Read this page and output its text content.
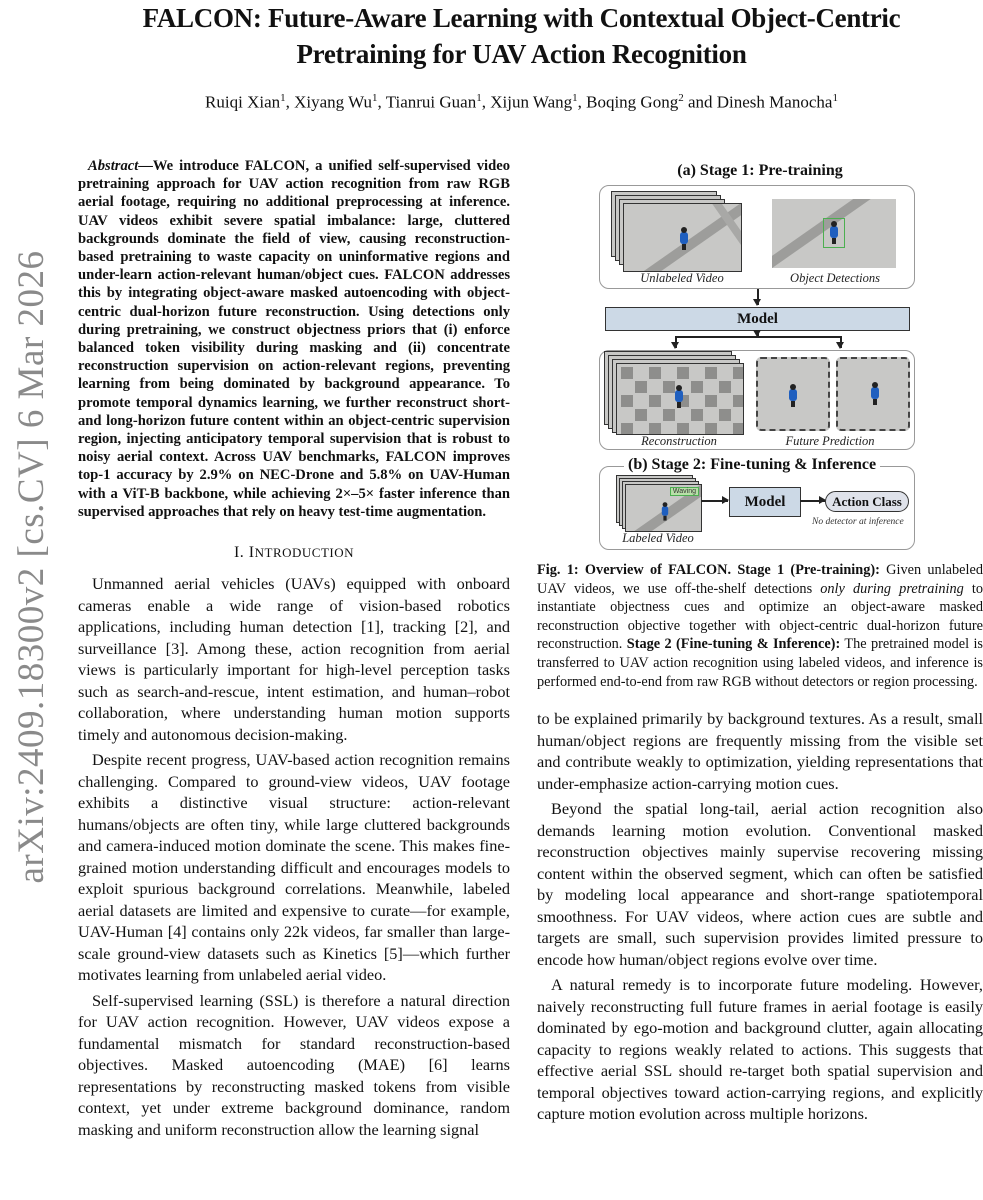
FALCON: Future-Aware Learning with Contextual Object-Centric
Pretraining for UAV Action Recognition
Ruiqi Xian$^1$, Xiyang Wu$^1$, Tianrui Guan$^1$, Xijun Wang$^1$, Boqing Gong$^2$ and Dinesh Manocha$^1$
arXiv:2409.18300v2 [cs.CV] 6 Mar 2026

Abstract—We introduce FALCON, a unified self-supervised video pretraining approach for UAV action recognition from raw RGB aerial footage, requiring no additional preprocessing at inference. UAV videos exhibit severe spatial imbalance: large, cluttered backgrounds dominate the field of view, causing reconstruction-based pretraining to waste capacity on uninformative regions and under-learn action-relevant human/object cues. FALCON addresses this by integrating object-aware masked autoencoding with object-centric dual-horizon future reconstruction. Using detections only during pretraining, we construct objectness priors that (i) enforce balanced token visibility during masking and (ii) concentrate reconstruction supervision on action-relevant regions, preventing learning from being dominated by background appearance. To promote temporal dynamics learning, we further reconstruct short- and long-horizon future content within an object-centric supervision region, injecting anticipatory temporal supervision that is robust to noisy aerial context. Across UAV benchmarks, FALCON improves top-1 accuracy by 2.9% on NEC-Drone and 5.8% on UAV-Human with a ViT-B backbone, while achieving 2×–5× faster inference than supervised approaches that rely on heavy test-time augmentation.

I. INTRODUCTION

Unmanned aerial vehicles (UAVs) equipped with onboard cameras enable a wide range of vision-based robotics applications, including human detection [1], tracking [2], and surveillance [3]. Among these, action recognition from aerial views is particularly important for high-level perception tasks such as search-and-rescue, intent estimation, and human–robot collaboration, where understanding human motion supports timely and autonomous decision-making.

Despite recent progress, UAV-based action recognition remains challenging. Compared to ground-view videos, UAV footage exhibits a distinctive visual structure: action-relevant humans/objects are often tiny, while large cluttered backgrounds and camera-induced motion dominate the scene. This makes fine-grained motion understanding difficult and encourages models to exploit spurious background correlations. Meanwhile, labeled aerial datasets are limited and expensive to curate—for example, UAV-Human [4] contains only 22k videos, far smaller than large-scale ground-view datasets such as Kinetics [5]—which further motivates learning from unlabeled aerial video.

Self-supervised learning (SSL) is therefore a natural direction for UAV action recognition. However, UAV videos expose a fundamental mismatch for standard reconstruction-based objectives. Masked autoencoding (MAE) [6] learns representations by reconstructing masked tokens from visible context, yet under extreme background dominance, random masking and uniform reconstruction allow the learning signal

(a) Stage 1: Pre-training
Unlabeled Video	Object Detections
Model
Reconstruction	Future Prediction
Waving
Labeled Video
Model	Action Class
No detector at inference
(b) Stage 2: Fine-tuning & Inference
Fig. 1: Overview of FALCON. Stage 1 (Pre-training): Given unlabeled UAV videos, we use off-the-shelf detections only during pretraining to instantiate objectness cues and optimize an object-aware masked reconstruction objective together with object-centric dual-horizon future reconstruction. Stage 2 (Fine-tuning & Inference): The pretrained model is transferred to UAV action recognition using labeled videos, and inference is performed end-to-end from raw RGB without detectors or region processing.

to be explained primarily by background textures. As a result, small human/object regions are frequently missing from the visible set and contribute weakly to optimization, yielding representations that under-emphasize action-carrying motion cues.

Beyond the spatial long-tail, aerial action recognition also demands learning motion evolution. Conventional masked reconstruction objectives mainly supervise recovering missing content within the observed segment, which can often be satisfied by modeling local appearance and short-range spatiotemporal smoothness. For UAV videos, where action cues are subtle and targets are small, such supervision provides limited pressure to encode how human/object regions evolve over time.

A natural remedy is to incorporate future modeling. However, naively reconstructing full future frames in aerial footage is easily dominated by ego-motion and background clutter, again allocating capacity to regions weakly related to actions. This suggests that effective aerial SSL should re-target both spatial supervision and temporal objectives toward action-carrying regions, and explicitly capture motion evolution across multiple horizons.
